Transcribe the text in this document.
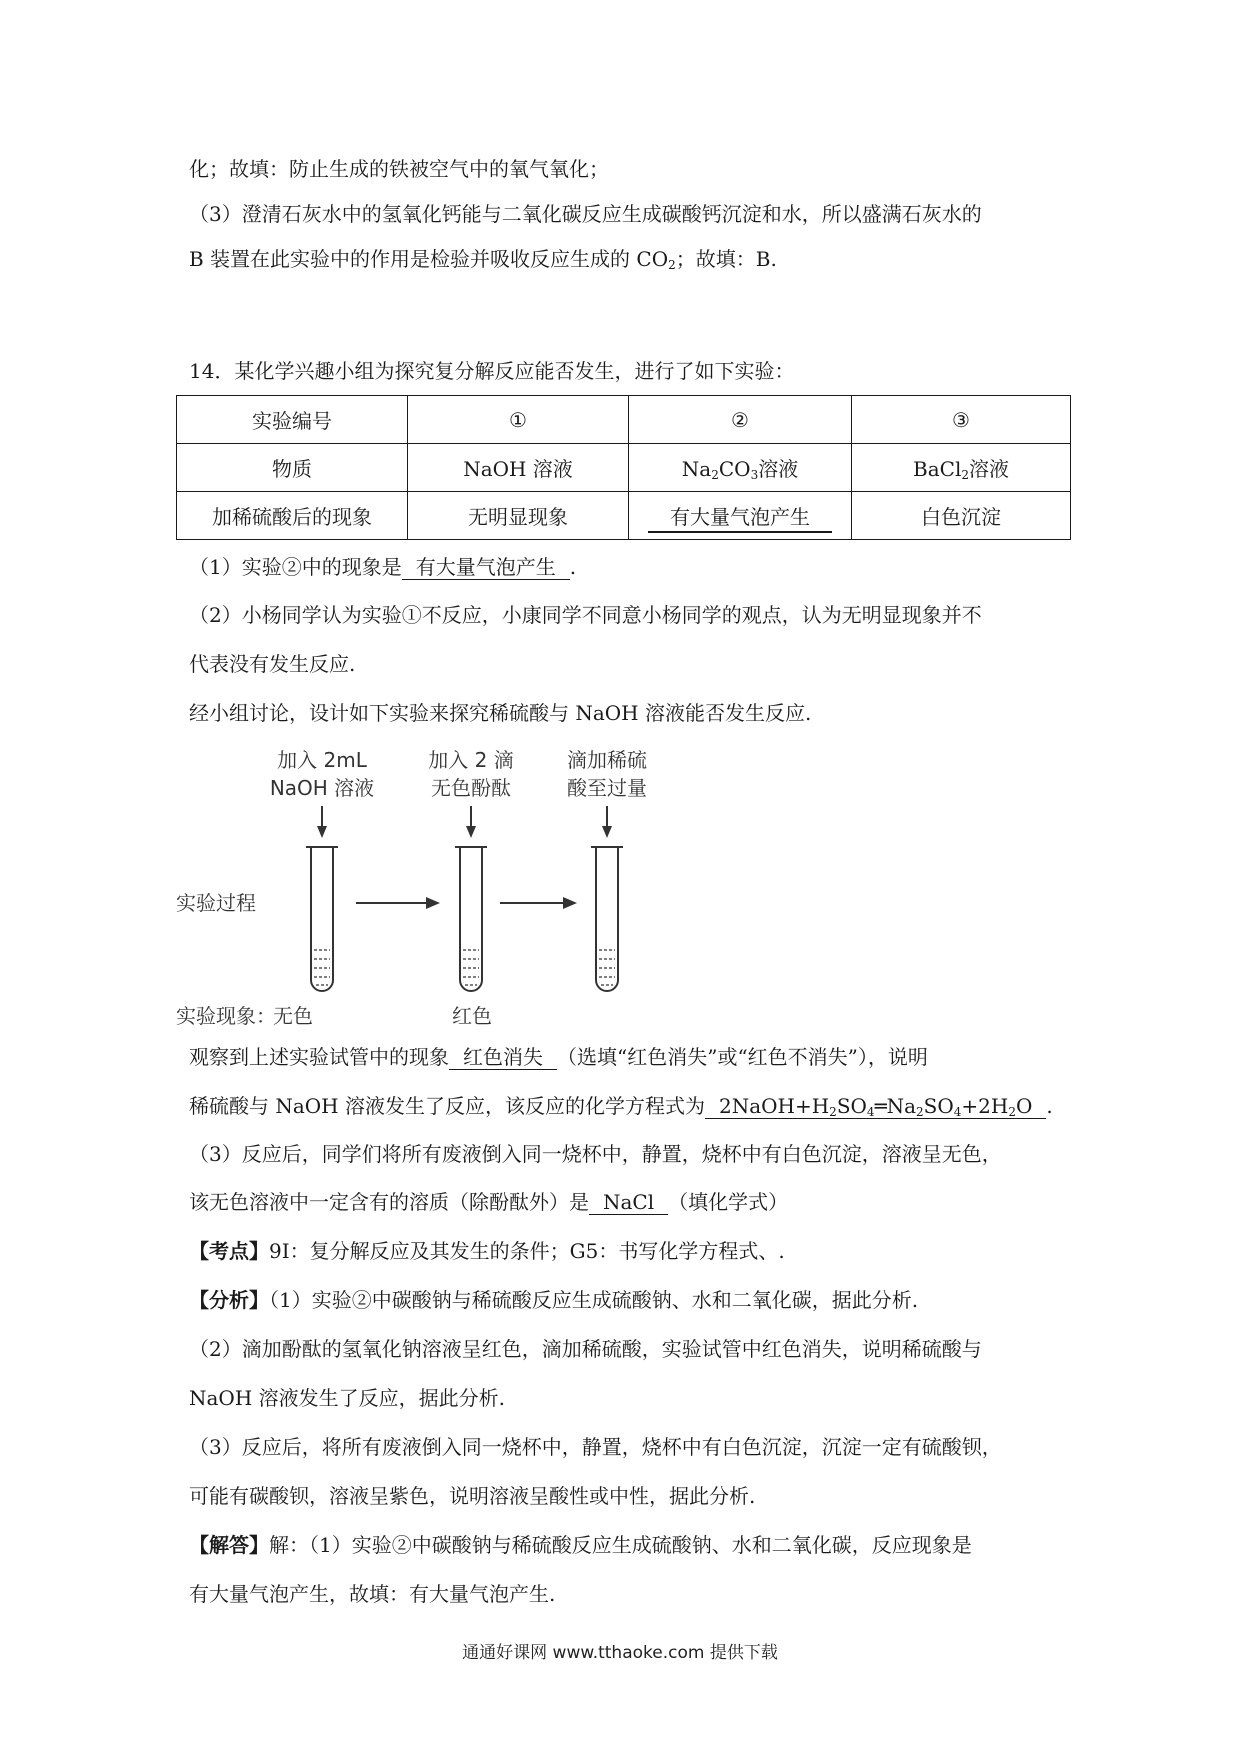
化；故填：防止生成的铁被空气中的氧气氧化；
（3）澄清石灰水中的氢氧化钙能与二氧化碳反应生成碳酸钙沉淀和水，所以盛满石灰水的
B 装置在此实验中的作用是检验并吸收反应生成的 $CO_2$；故填：B.
14．某化学兴趣小组为探究复分解反应能否发生，进行了如下实验：
实验编号	①	②	③
物质	NaOH 溶液	$Na_2CO_3$溶液	BaCl$_2$溶液
加稀硫酸后的现象	无明显现象	有大量气泡产生	白色沉淀
（1）实验②中的现象是 有大量气泡产生 .
（2）小杨同学认为实验①不反应，小康同学不同意小杨同学的观点，认为无明显现象并不
代表没有发生反应.
经小组讨论，设计如下实验来探究稀硫酸与 NaOH 溶液能否发生反应.
加入 2mL
NaOH 溶液
加入 2 滴
无色酚酞
滴加稀硫
酸至过量
实验过程
实验现象：
无色	红色
观察到上述实验试管中的现象 红色消失 （选填“红色消失”或“红色不消失”），说明
稀硫酸与 NaOH 溶液发生了反应，该反应的化学方程式为 $2NaOH+H_2SO_4═Na_2SO_4+2H_2O$ .
（3）反应后，同学们将所有废液倒入同一烧杯中，静置，烧杯中有白色沉淀，溶液呈无色，
该无色溶液中一定含有的溶质（除酚酞外）是 NaCl （填化学式）
【考点】9I：复分解反应及其发生的条件；G5：书写化学方程式、.
【分析】（1）实验②中碳酸钠与稀硫酸反应生成硫酸钠、水和二氧化碳，据此分析.
（2）滴加酚酞的氢氧化钠溶液呈红色，滴加稀硫酸，实验试管中红色消失，说明稀硫酸与
NaOH 溶液发生了反应，据此分析.
（3）反应后，将所有废液倒入同一烧杯中，静置，烧杯中有白色沉淀，沉淀一定有硫酸钡，
可能有碳酸钡，溶液呈紫色，说明溶液呈酸性或中性，据此分析.
【解答】解：（1）实验②中碳酸钠与稀硫酸反应生成硫酸钠、水和二氧化碳，反应现象是
有大量气泡产生，故填：有大量气泡产生.
通通好课网 www.tthaoke.com 提供下载
